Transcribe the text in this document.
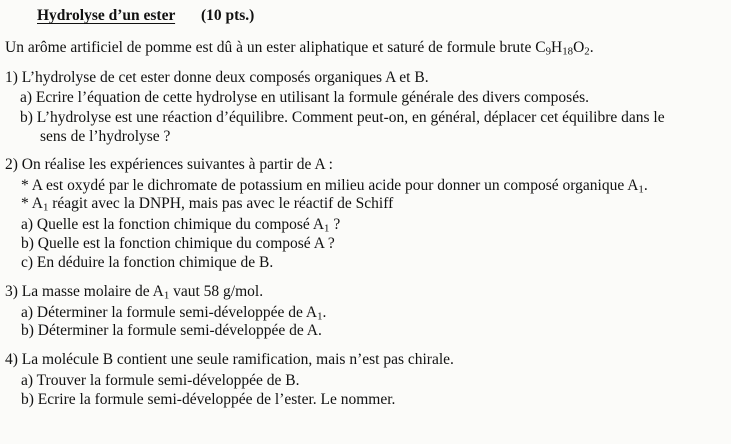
Hydrolyse d’un ester (10 pts.)
Un arôme artificiel de pomme est dû à un ester aliphatique et saturé de formule brute $C_9H_{18}O_2$.
1) L’hydrolyse de cet ester donne deux composés organiques A et B.
a) Ecrire l’équation de cette hydrolyse en utilisant la formule générale des divers composés.
b) L’hydrolyse est une réaction d’équilibre. Comment peut-on, en général, déplacer cet équilibre dans le
sens de l’hydrolyse ?
2) On réalise les expériences suivantes à partir de A :
* A est oxydé par le dichromate de potassium en milieu acide pour donner un composé organique $A_1$.
* $A_1$ réagit avec la DNPH, mais pas avec le réactif de Schiff
a) Quelle est la fonction chimique du composé $A_1$ ?
b) Quelle est la fonction chimique du composé A ?
c) En déduire la fonction chimique de B.
3) La masse molaire de $A_1$ vaut 58 g/mol.
a) Déterminer la formule semi-développée de $A_1$.
b) Déterminer la formule semi-développée de A.
4) La molécule B contient une seule ramification, mais n’est pas chirale.
a) Trouver la formule semi-développée de B.
b) Ecrire la formule semi-développée de l’ester. Le nommer.
